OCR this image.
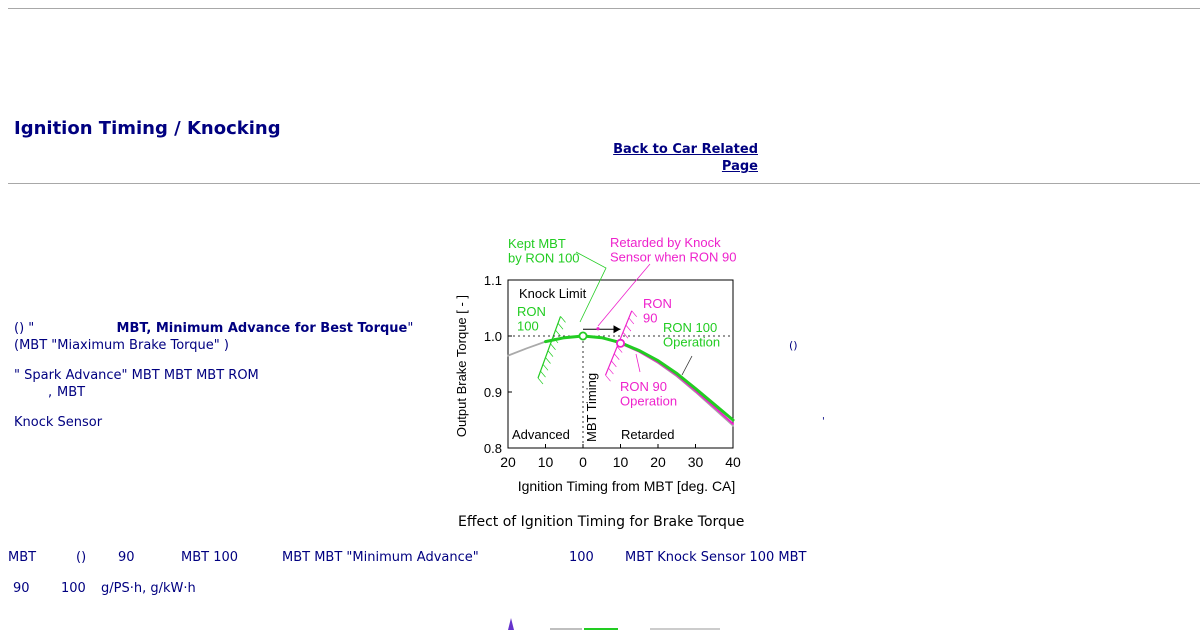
Ignition Timing / Knocking
Back to Car Related Page
() "	MBT, Minimum Advance for Best Torque"
(MBT "Miaximum Brake Torque" )
" Spark Advance" MBT MBT MBT ROM
, MBT
Knock Sensor
()
'
20 10 0 10 20 30 40
0.8
0.9
1.0
1.1
Ignition Timing from MBT [deg. CA]
Output Brake Torque [ - ]
Kept MBT by RON 100
Retarded by Knock Sensor when RON 90
Knock Limit
RON 100
RON 90
RON 100 Operation
RON 90 Operation
MBT Timing
Advanced	Retarded
Effect of Ignition Timing for Brake Torque
MBT	() 90	MBT 100	MBT MBT "Minimum Advance"	100 MBT Knock Sensor 100 MBT
90 100 g/PS·h, g/kW·h
